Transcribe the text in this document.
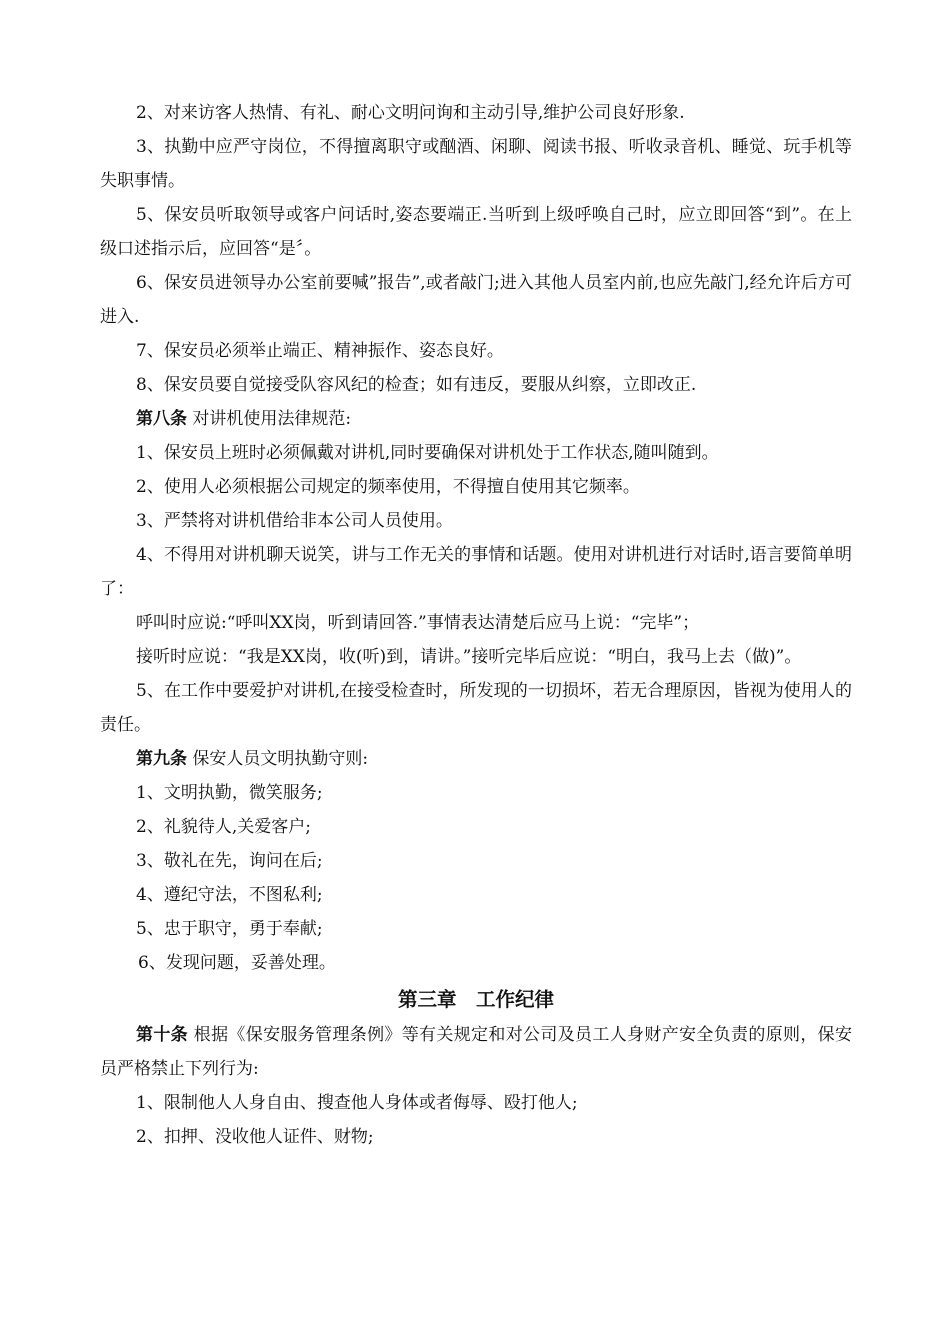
2、对来访客人热情、有礼、耐心文明问询和主动引导,维护公司良好形象.

3、执勤中应严守岗位，不得擅离职守或酗酒、闲聊、阅读书报、听收录音机、睡觉、玩手机等失职事情。

5、保安员听取领导或客户问话时,姿态要端正.当听到上级呼唤自己时，应立即回答“到”。在上级口述指示后，应回答“是〞。

6、保安员进领导办公室前要喊”报告”,或者敲门;进入其他人员室内前,也应先敲门,经允许后方可进入.

7、保安员必须举止端正、精神振作、姿态良好。

8、保安员要自觉接受队容风纪的检查；如有违反，要服从纠察，立即改正.

第八条 对讲机使用法律规范:

1、保安员上班时必须佩戴对讲机,同时要确保对讲机处于工作状态,随叫随到。

2、使用人必须根据公司规定的频率使用，不得擅自使用其它频率。

3、严禁将对讲机借给非本公司人员使用。

4、不得用对讲机聊天说笑，讲与工作无关的事情和话题。使用对讲机进行对话时,语言要简单明了：

呼叫时应说:“呼叫XX岗，听到请回答.”事情表达清楚后应马上说：“完毕”；

接听时应说：“我是XX岗，收(听)到，请讲。”接听完毕后应说：“明白，我马上去（做)”。

5、在工作中要爱护对讲机,在接受检查时，所发现的一切损坏，若无合理原因，皆视为使用人的责任。

第九条 保安人员文明执勤守则:

1、文明执勤，微笑服务;

2、礼貌待人,关爱客户;

3、敬礼在先，询问在后;

4、遵纪守法，不图私利;

5、忠于职守，勇于奉献;

6、发现问题，妥善处理。

第三章　工作纪律

第十条 根据《保安服务管理条例》等有关规定和对公司及员工人身财产安全负责的原则，保安员严格禁止下列行为:

1、限制他人人身自由、搜查他人身体或者侮辱、殴打他人;

2、扣押、没收他人证件、财物;
